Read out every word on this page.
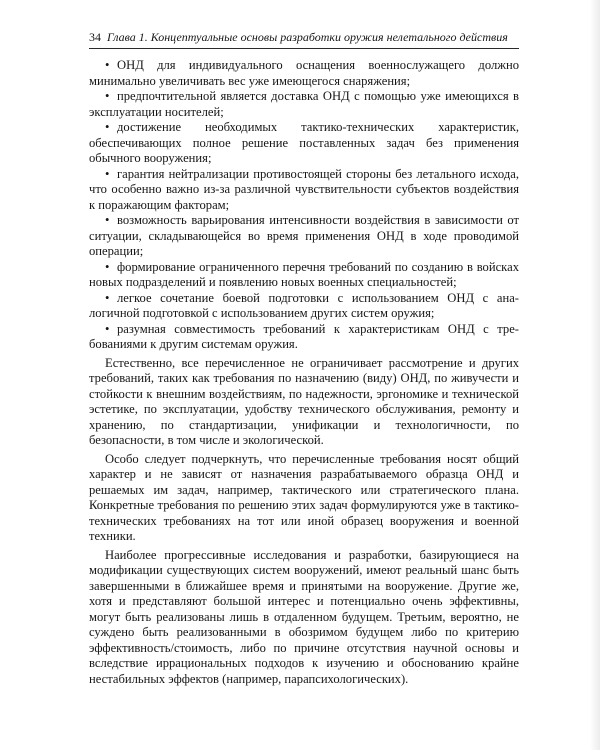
34 Глава 1. Концептуальные основы разработки оружия нелетального действия
• ОНД для индивидуального оснащения военнослужащего должно минимально увеличивать вес уже имеющегося снаряжения;
• предпочтительной является доставка ОНД с помощью уже имеющихся в эксплуатации носителей;
• достижение необходимых тактико-технических характеристик, обеспечивающих полное решение поставленных задач без применения обычного вооружения;
• гарантия нейтрализации противостоящей стороны без летального исхода, что особенно важно из-за различной чувствительности субъектов воздействия к поражающим факторам;
• возможность варьирования интенсивности воздействия в зависимости от ситуации, складывающейся во время применения ОНД в ходе проводимой операции;
• формирование ограниченного перечня требований по созданию в войсках новых подразделений и появлению новых военных специальностей;
• легкое сочетание боевой подготовки с использованием ОНД с аналогичной подготовкой с использованием других систем оружия;
• разумная совместимость требований к характеристикам ОНД с требованиями к другим системам оружия.

Естественно, все перечисленное не ограничивает рассмотрение и других требований, таких как требования по назначению (виду) ОНД, по живучести и стойкости к внешним воздействиям, по надежности, эргономике и технической эстетике, по эксплуатации, удобству технического обслуживания, ремонту и хранению, по стандартизации, унификации и технологичности, по безопасности, в том числе и экологической.

Особо следует подчеркнуть, что перечисленные требования носят общий характер и не зависят от назначения разрабатываемого образца ОНД и решаемых им задач, например, тактического или стратегического плана. Конкретные требования по решению этих задач формулируются уже в тактико-технических требованиях на тот или иной образец вооружения и военной техники.

Наиболее прогрессивные исследования и разработки, базирующиеся на модификации существующих систем вооружений, имеют реальный шанс быть завершенными в ближайшее время и принятыми на вооружение. Другие же, хотя и представляют большой интерес и потенциально очень эффективны, могут быть реализованы лишь в отдаленном будущем. Третьим, вероятно, не суждено быть реализованными в обозримом будущем либо по критерию эффективность/стоимость, либо по причине отсутствия научной основы и вследствие иррациональных подходов к изучению и обоснованию крайне нестабильных эффектов (например, парапсихологических).
